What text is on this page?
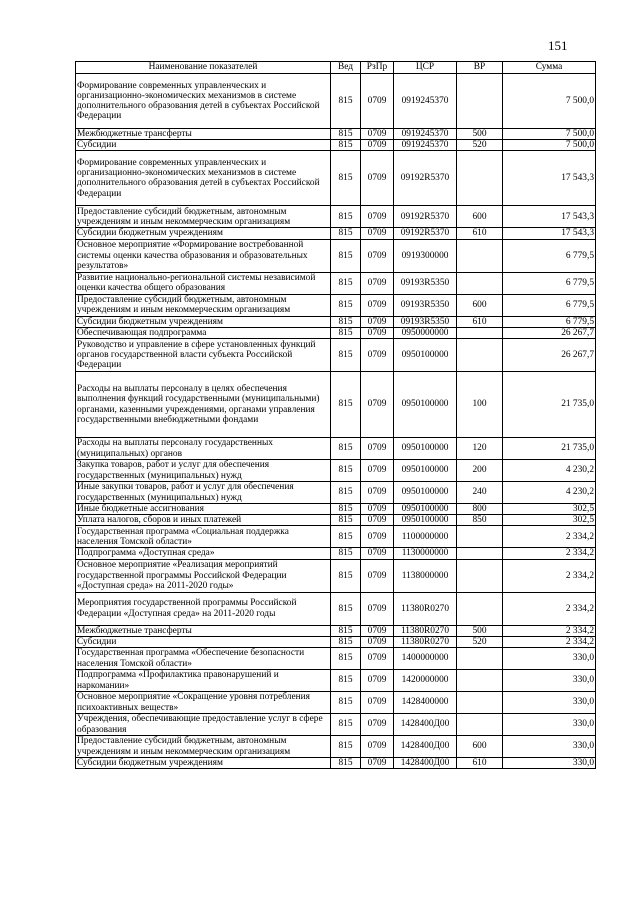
151
Наименование показателей	Вед	РзПр	ЦСР	ВР	Сумма
Формирование современных управленческих и организационно-экономических механизмов в системе дополнительного образования детей в субъектах Российской Федерации	815	0709	0919245370		7 500,0
Межбюджетные трансферты	815	0709	0919245370	500	7 500,0
Субсидии	815	0709	0919245370	520	7 500,0
Формирование современных управленческих и организационно-экономических механизмов в системе дополнительного образования детей в субъектах Российской Федерации	815	0709	09192R5370		17 543,3
Предоставление субсидий бюджетным, автономным учреждениям и иным некоммерческим организациям	815	0709	09192R5370	600	17 543,3
Субсидии бюджетным учреждениям	815	0709	09192R5370	610	17 543,3
Основное мероприятие «Формирование востребованной системы оценки качества образования и образовательных результатов»	815	0709	0919300000		6 779,5
Развитие национально-региональной системы независимой оценки качества общего образования	815	0709	09193R5350		6 779,5
Предоставление субсидий бюджетным, автономным учреждениям и иным некоммерческим организациям	815	0709	09193R5350	600	6 779,5
Субсидии бюджетным учреждениям	815	0709	09193R5350	610	6 779,5
Обеспечивающая подпрограмма	815	0709	0950000000		26 267,7
Руководство и управление в сфере установленных функций органов государственной власти субъекта Российской Федерации	815	0709	0950100000		26 267,7
Расходы на выплаты персоналу в целях обеспечения выполнения функций государственными (муниципальными) органами, казенными учреждениями, органами управления государственными внебюджетными фондами	815	0709	0950100000	100	21 735,0
Расходы на выплаты персоналу государственных (муниципальных) органов	815	0709	0950100000	120	21 735,0
Закупка товаров, работ и услуг для обеспечения государственных (муниципальных) нужд	815	0709	0950100000	200	4 230,2
Иные закупки товаров, работ и услуг для обеспечения государственных (муниципальных) нужд	815	0709	0950100000	240	4 230,2
Иные бюджетные ассигнования	815	0709	0950100000	800	302,5
Уплата налогов, сборов и иных платежей	815	0709	0950100000	850	302,5
Государственная программа «Социальная поддержка населения Томской области»	815	0709	1100000000		2 334,2
Подпрограмма «Доступная среда»	815	0709	1130000000		2 334,2
Основное мероприятие «Реализация мероприятий государственной программы Российской Федерации «Доступная среда» на 2011-2020 годы»	815	0709	1138000000		2 334,2
Мероприятия государственной программы Российской Федерации «Доступная среда» на 2011-2020 годы	815	0709	11380R0270		2 334,2
Межбюджетные трансферты	815	0709	11380R0270	500	2 334,2
Субсидии	815	0709	11380R0270	520	2 334,2
Государственная программа «Обеспечение безопасности населения Томской области»	815	0709	1400000000		330,0
Подпрограмма «Профилактика правонарушений и наркомании»	815	0709	1420000000		330,0
Основное мероприятие «Сокращение уровня потребления психоактивных веществ»	815	0709	1428400000		330,0
Учреждения, обеспечивающие предоставление услуг в сфере образования	815	0709	1428400Д00		330,0
Предоставление субсидий бюджетным, автономным учреждениям и иным некоммерческим организациям	815	0709	1428400Д00	600	330,0
Субсидии бюджетным учреждениям	815	0709	1428400Д00	610	330,0
